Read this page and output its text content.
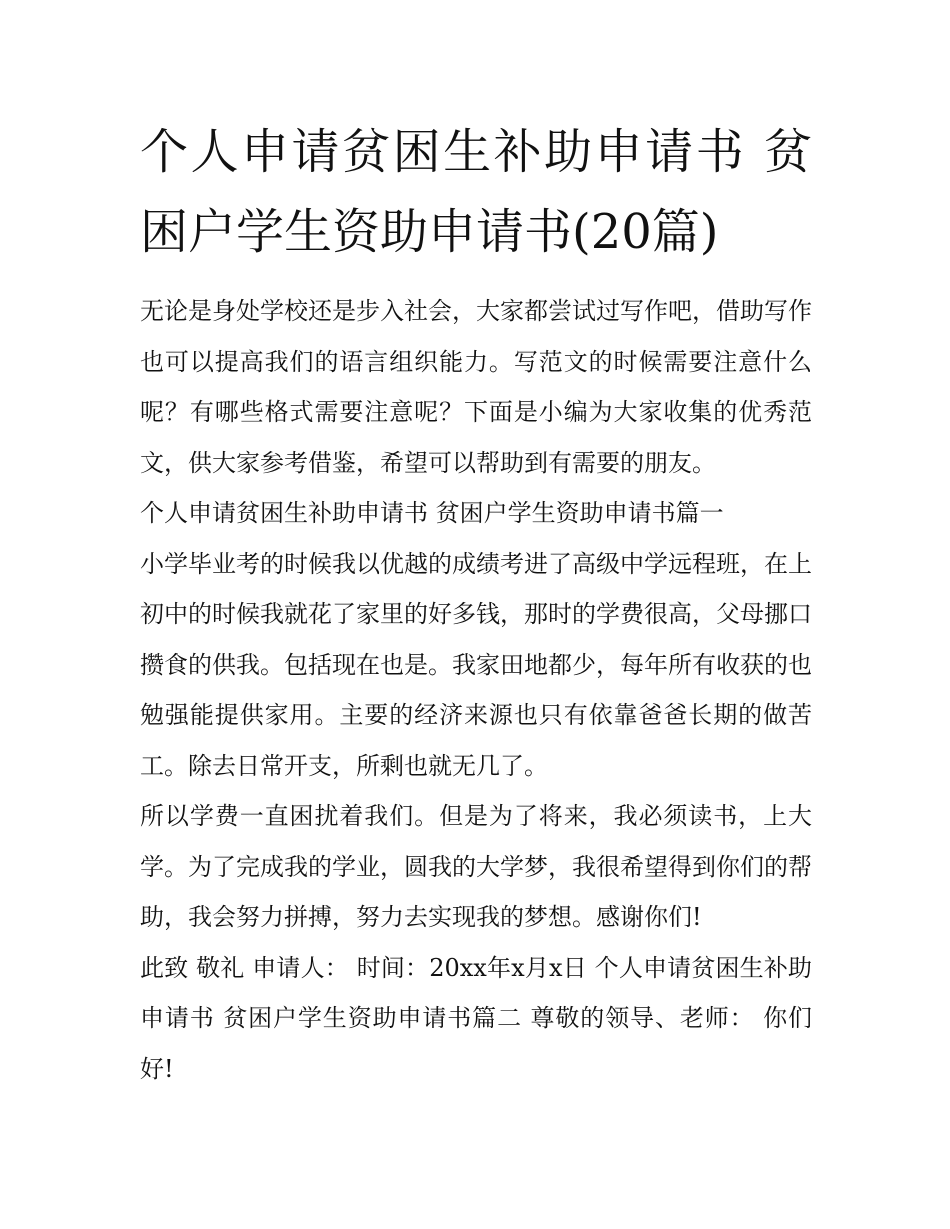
个人申请贫困生补助申请书 贫困户学生资助申请书(20篇)

无论是身处学校还是步入社会，大家都尝试过写作吧，借助写作也可以提高我们的语言组织能力。写范文的时候需要注意什么呢？有哪些格式需要注意呢？下面是小编为大家收集的优秀范文，供大家参考借鉴，希望可以帮助到有需要的朋友。

个人申请贫困生补助申请书 贫困户学生资助申请书篇一

小学毕业考的时候我以优越的成绩考进了高级中学远程班，在上初中的时候我就花了家里的好多钱，那时的学费很高，父母挪口攒食的供我。包括现在也是。我家田地都少，每年所有收获的也勉强能提供家用。主要的经济来源也只有依靠爸爸长期的做苦工。除去日常开支，所剩也就无几了。

所以学费一直困扰着我们。但是为了将来，我必须读书，上大学。为了完成我的学业，圆我的大学梦，我很希望得到你们的帮助，我会努力拼搏，努力去实现我的梦想。感谢你们!

此致 敬礼 申请人： 时间：20xx年x月x日 个人申请贫困生补助申请书 贫困户学生资助申请书篇二 尊敬的领导、老师： 你们好!
